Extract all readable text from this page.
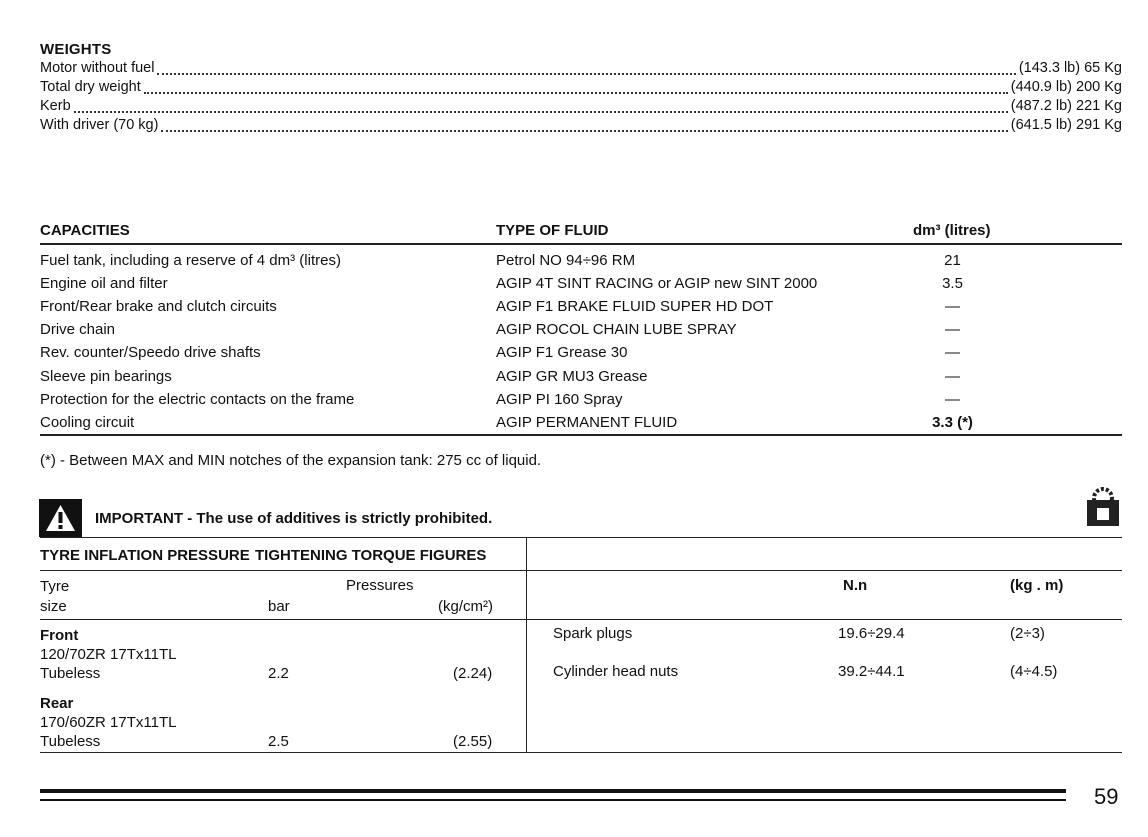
WEIGHTS
Motor without fuel	(143.3 lb) 65 Kg
Total dry weight	(440.9 lb) 200 Kg
Kerb	(487.2 lb) 221 Kg
With driver (70 kg)	(641.5 lb) 291 Kg
CAPACITIES	TYPE OF FLUID	dm³ (litres)
Fuel tank, including a reserve of 4 dm³ (litres)	Petrol NO 94÷96 RM	21
Engine oil and filter	AGIP 4T SINT RACING or AGIP new SINT 2000	3.5
Front/Rear brake and clutch circuits	AGIP F1 BRAKE FLUID SUPER HD DOT	—
Drive chain	AGIP ROCOL CHAIN LUBE SPRAY	—
Rev. counter/Speedo drive shafts	AGIP F1 Grease 30	—
Sleeve pin bearings	AGIP GR MU3 Grease	—
Protection for the electric contacts on the frame	AGIP PI 160 Spray	—
Cooling circuit	AGIP PERMANENT FLUID	3.3 (*)
(*) - Between MAX and MIN notches of the expansion tank: 275 cc of liquid.
IMPORTANT - The use of additives is strictly prohibited.
TYRE INFLATION PRESSURE TIGHTENING TORQUE FIGURES
Tyre
size
Pressures
bar	(kg/cm²)
N.n	(kg . m)
Front
120/70ZR 17Tx11TL
Tubeless	2.2	(2.24)
Rear
170/60ZR 17Tx11TL
Tubeless	2.5	(2.55)
Spark plugs	19.6÷29.4	(2÷3)
Cylinder head nuts	39.2÷44.1	(4÷4.5)
59
